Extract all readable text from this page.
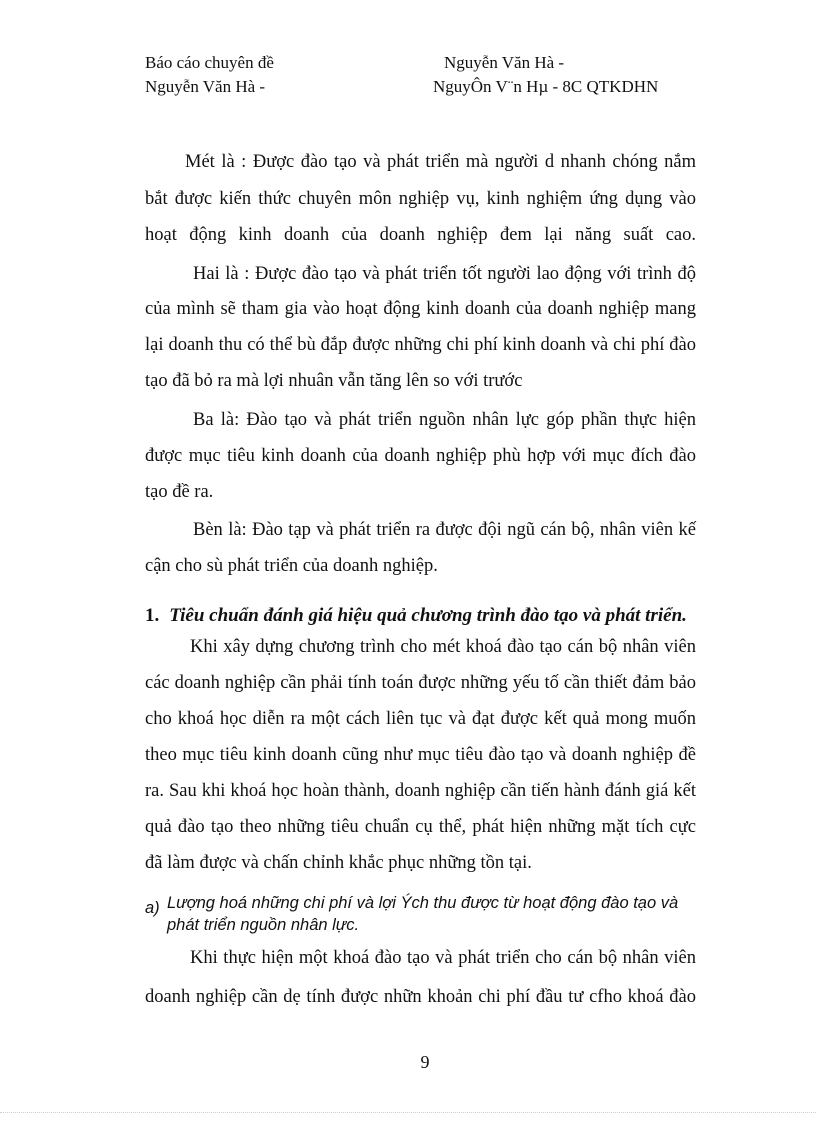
Báo cáo chuyên đề	Nguyễn Văn Hà -
Nguyễn Văn Hà -	NguyÔn V¨n Hµ - 8C QTKDHN
Mét là : Được đào tạo và phát triển mà người d nhanh chóng nắm
bắt được kiến thức chuyên môn nghiệp vụ, kinh nghiệm ứng dụng vào
hoạt động kinh doanh của doanh nghiệp đem lại năng suất cao.
Hai là : Được đào tạo và phát triển tốt người lao động với trình độ
của mình sẽ tham gia vào hoạt động kinh doanh của doanh nghiệp mang
lại doanh thu có thể bù đắp được những chi phí kinh doanh và chi phí đào
tạo đã bỏ ra mà lợi nhuân vẫn tăng lên so với trước
Ba là: Đào tạo và phát triển nguồn nhân lực góp phần thực hiện
được mục tiêu kinh doanh của doanh nghiệp phù hợp với mục đích đào
tạo đề ra.
Bèn là: Đào tạp và phát triển ra được đội ngũ cán bộ, nhân viên kế
cận cho sù phát triển của doanh nghiệp.
1. Tiêu chuẩn đánh giá hiệu quả chương trình đào tạo và phát triển.
Khi xây dựng chương trình cho mét khoá đào tạo cán bộ nhân viên
các doanh nghiệp cần phải tính toán được những yếu tố cần thiết đảm bảo
cho khoá học diễn ra một cách liên tục và đạt được kết quả mong muốn
theo mục tiêu kinh doanh cũng như mục tiêu đào tạo và doanh nghiệp đề
ra. Sau khi khoá học hoàn thành, doanh nghiệp cần tiến hành đánh giá kết
quả đào tạo theo những tiêu chuẩn cụ thể, phát hiện những mặt tích cực
đã làm được và chấn chỉnh khắc phục những tồn tại.
a) Lượng hoá những chi phí và lợi Ých thu được từ hoạt động đào tạo và
phát triển nguồn nhân lực.
Khi thực hiện một khoá đào tạo và phát triển cho cán bộ nhân viên
doanh nghiệp cần dẹ tính được nhữn khoản chi phí đầu tư cfho khoá đào
9
